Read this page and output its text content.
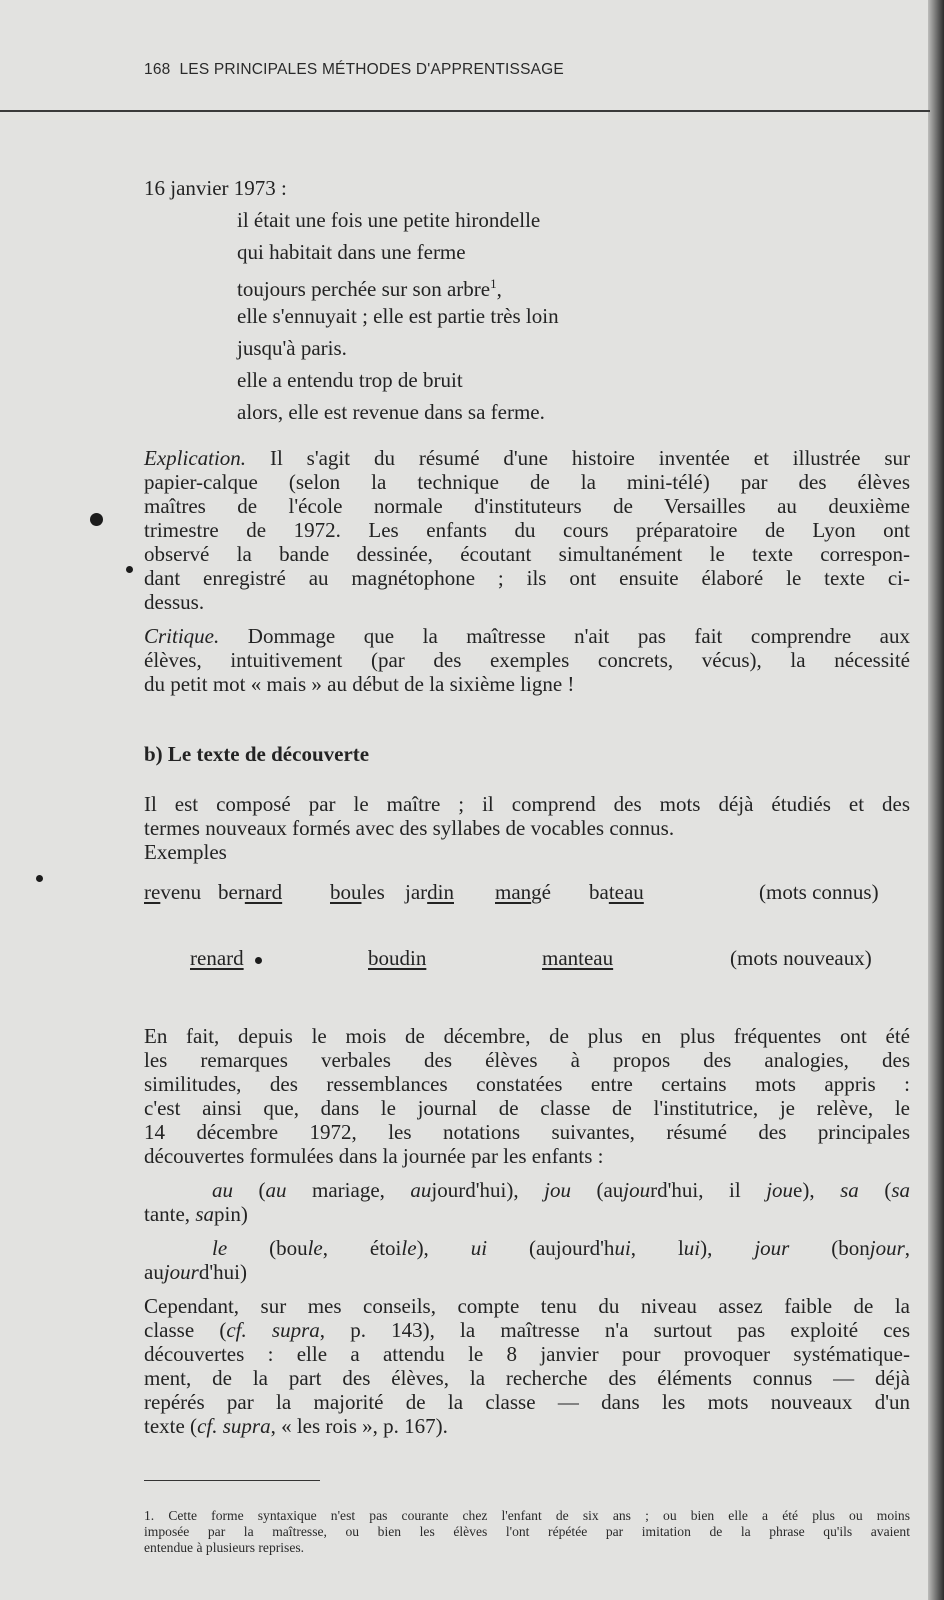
168 LES PRINCIPALES MÉTHODES D'APPRENTISSAGE
16 janvier 1973 :
il était une fois une petite hirondelle
qui habitait dans une ferme
toujours perchée sur son arbre$^1$,
elle s'ennuyait ; elle est partie très loin
jusqu'à paris.
elle a entendu trop de bruit
alors, elle est revenue dans sa ferme.
Explication. Il s'agit du résumé d'une histoire inventée et illustrée sur
papier-calque (selon la technique de la mini-télé) par des élèves
maîtres de l'école normale d'instituteurs de Versailles au deuxième
trimestre de 1972. Les enfants du cours préparatoire de Lyon ont
observé la bande dessinée, écoutant simultanément le texte correspon-
dant enregistré au magnétophone ; ils ont ensuite élaboré le texte ci-
dessus.
Critique. Dommage que la maîtresse n'ait pas fait comprendre aux
élèves, intuitivement (par des exemples concrets, vécus), la nécessité
du petit mot « mais » au début de la sixième ligne !
b) Le texte de découverte
Il est composé par le maître ; il comprend des mots déjà étudiés et des
termes nouveaux formés avec des syllabes de vocables connus.
Exemples
revenu bernard boules jardin mangé bateau	(mots connus)
renard	boudin	manteau	(mots nouveaux)
En fait, depuis le mois de décembre, de plus en plus fréquentes ont été
les remarques verbales des élèves à propos des analogies, des
similitudes, des ressemblances constatées entre certains mots appris :
c'est ainsi que, dans le journal de classe de l'institutrice, je relève, le
14 décembre 1972, les notations suivantes, résumé des principales
découvertes formulées dans la journée par les enfants :
au (au mariage, aujourd'hui), jou (aujourd'hui, il joue), sa (sa
tante, sapin)
le (boule, étoile), ui (aujourd'hui, lui), jour (bonjour,
aujourd'hui)
Cependant, sur mes conseils, compte tenu du niveau assez faible de la
classe (cf. supra, p. 143), la maîtresse n'a surtout pas exploité ces
découvertes : elle a attendu le 8 janvier pour provoquer systématique-
ment, de la part des élèves, la recherche des éléments connus — déjà
repérés par la majorité de la classe — dans les mots nouveaux d'un
texte (cf. supra, « les rois », p. 167).
1. Cette forme syntaxique n'est pas courante chez l'enfant de six ans ; ou bien elle a été plus ou moins
imposée par la maîtresse, ou bien les élèves l'ont répétée par imitation de la phrase qu'ils avaient
entendue à plusieurs reprises.
